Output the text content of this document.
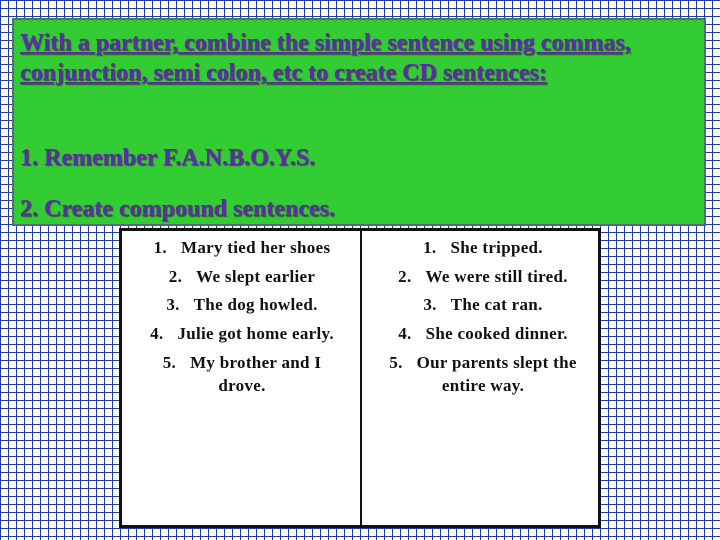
With a partner, combine the simple sentence using commas, conjunction, semi colon, etc to create CD sentences:

1. Remember F.A.N.B.O.Y.S.

2. Create compound sentences.

1. Mary tied her shoes
2. We slept earlier
3. The dog howled.
4. Julie got home early.
5. My brother and I drove.
1. She tripped.
2. We were still tired.
3. The cat ran.
4. She cooked dinner.
5. Our parents slept the entire way.
